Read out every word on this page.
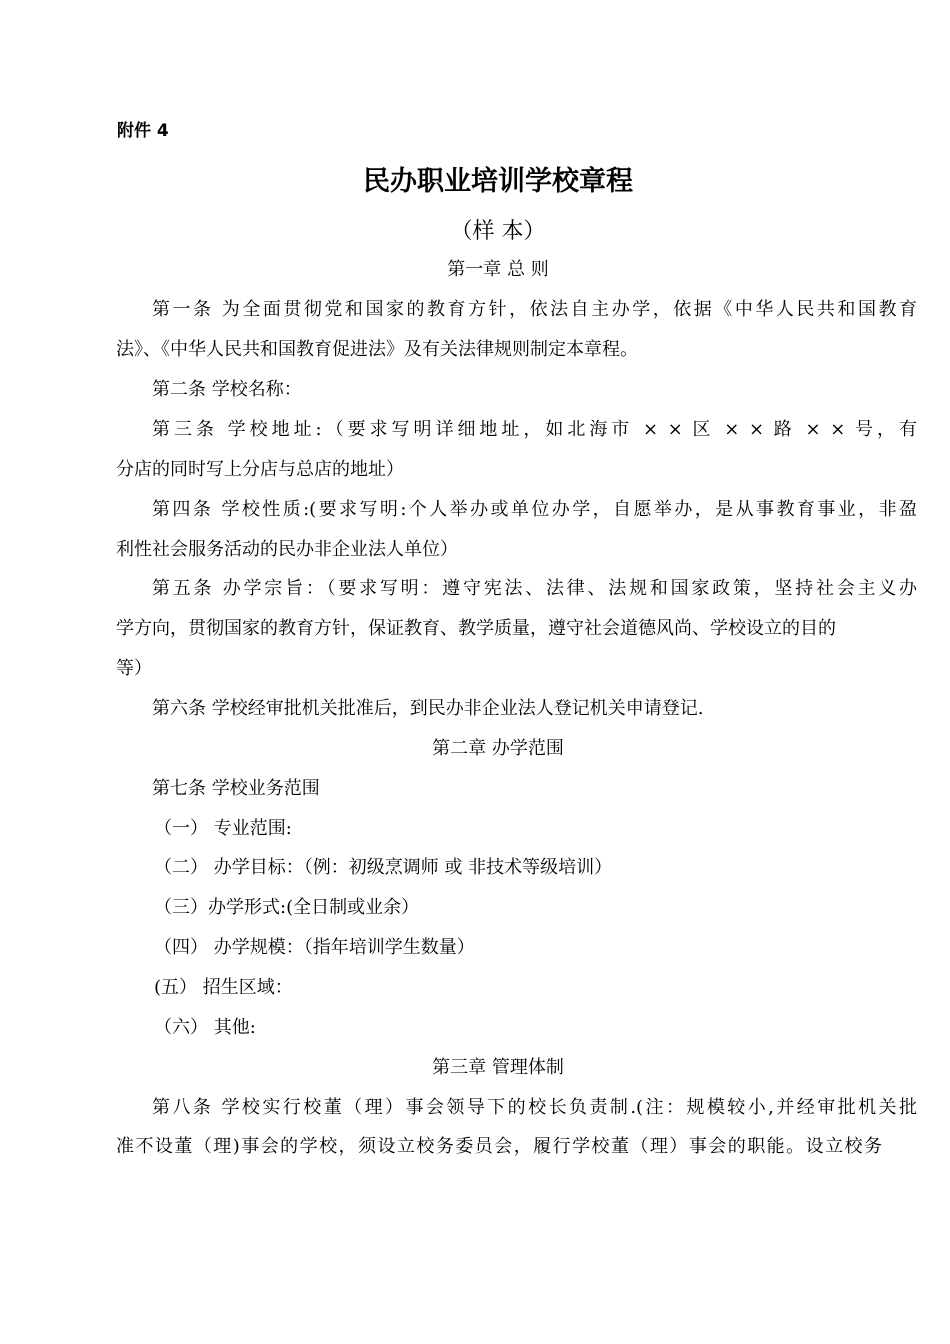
附件 4
民办职业培训学校章程
（样 本）
第一章 总 则
第一条 为全面贯彻党和国家的教育方针，依法自主办学，依据《中华人民共和国教育
法》、《中华人民共和国教育促进法》及有关法律规则制定本章程。
第二条 学校名称：
第三条 学校地址:（要求写明详细地址，如北海市 × × 区 × × 路 × × 号，有
分店的同时写上分店与总店的地址）
第四条 学校性质:(要求写明:个人举办或单位办学，自愿举办，是从事教育事业，非盈
利性社会服务活动的民办非企业法人单位）
第五条 办学宗旨：（要求写明：遵守宪法、法律、法规和国家政策，坚持社会主义办
学方向，贯彻国家的教育方针，保证教育、教学质量，遵守社会道德风尚、学校设立的目的
等）
第六条 学校经审批机关批准后，到民办非企业法人登记机关申请登记.
第二章 办学范围
第七条 学校业务范围
（一） 专业范围:
（二） 办学目标：（例：初级烹调师 或 非技术等级培训）
（三）办学形式:(全日制或业余）
（四） 办学规模：（指年培训学生数量）
(五） 招生区域：
（六） 其他:
第三章 管理体制
第八条 学校实行校董（理）事会领导下的校长负责制.(注：规模较小,并经审批机关批
准不设董（理)事会的学校，须设立校务委员会，履行学校董（理）事会的职能。设立校务
